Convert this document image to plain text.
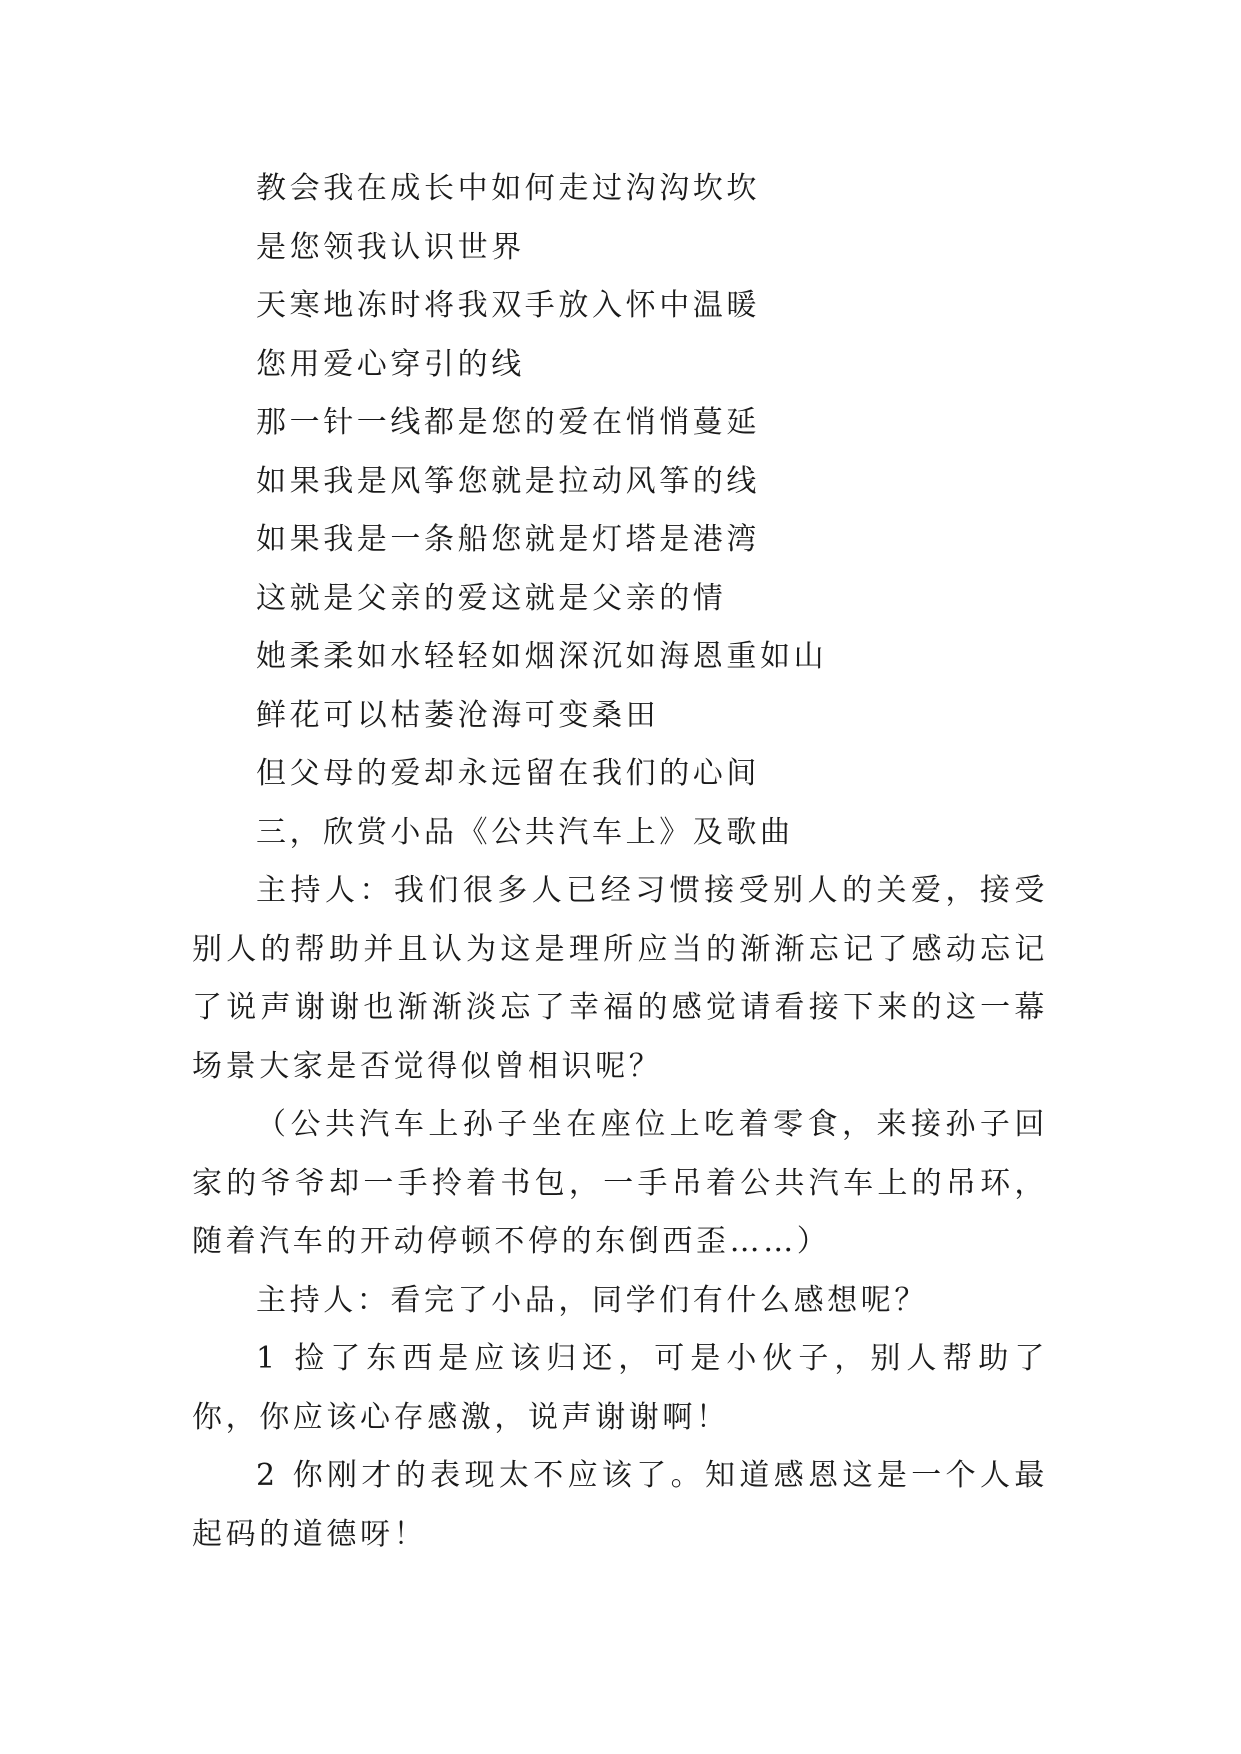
教会我在成长中如何走过沟沟坎坎
是您领我认识世界
天寒地冻时将我双手放入怀中温暖
您用爱心穿引的线
那一针一线都是您的爱在悄悄蔓延
如果我是风筝您就是拉动风筝的线
如果我是一条船您就是灯塔是港湾
这就是父亲的爱这就是父亲的情
她柔柔如水轻轻如烟深沉如海恩重如山
鲜花可以枯萎沧海可变桑田
但父母的爱却永远留在我们的心间
三，欣赏小品《公共汽车上》及歌曲
主持人：我们很多人已经习惯接受别人的关爱，接受别人的帮助并且认为这是理所应当的渐渐忘记了感动忘记了说声谢谢也渐渐淡忘了幸福的感觉请看接下来的这一幕场景大家是否觉得似曾相识呢？
（公共汽车上孙子坐在座位上吃着零食，来接孙子回家的爷爷却一手拎着书包，一手吊着公共汽车上的吊环，随着汽车的开动停顿不停的东倒西歪……）
主持人：看完了小品，同学们有什么感想呢？
1 捡了东西是应该归还，可是小伙子，别人帮助了你，你应该心存感激，说声谢谢啊！
2 你刚才的表现太不应该了。知道感恩这是一个人最起码的道德呀！
